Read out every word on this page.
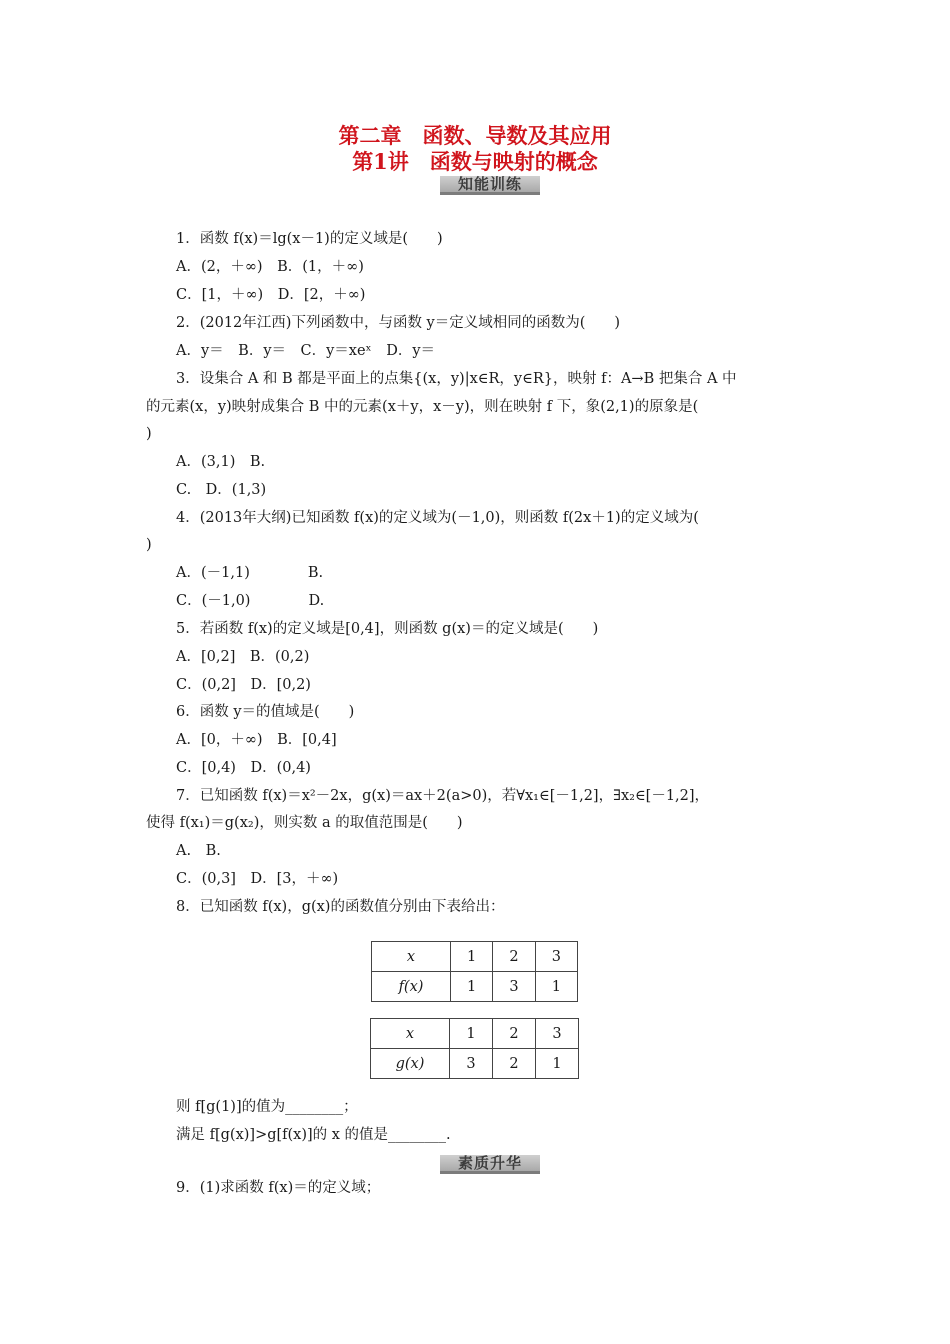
第二章　函数、导数及其应用
第1讲　函数与映射的概念
知能训练
1．函数 f(x)＝lg(x－1)的定义域是(　　)
A．(2，＋∞)　B．(1，＋∞)
C．[1，＋∞)　D．[2，＋∞)
2．(2012年江西)下列函数中，与函数 y＝定义域相同的函数为(　　)
A．y＝　B．y＝　C．y＝xeˣ　D．y＝
3．设集合 A 和 B 都是平面上的点集{(x，y)|x∈R，y∈R}，映射 f：A→B 把集合 A 中
的元素(x，y)映射成集合 B 中的元素(x＋y，x－y)，则在映射 f 下，象(2,1)的原象是(
)
A．(3,1)　B.
C.　D．(1,3)
4．(2013年大纲)已知函数 f(x)的定义域为(－1,0)，则函数 f(2x＋1)的定义域为(
)
A．(－1,1)　　　　B.
C．(－1,0)　　　　D.
5．若函数 f(x)的定义域是[0,4]，则函数 g(x)＝的定义域是(　　)
A．[0,2]　B．(0,2)
C．(0,2]　D．[0,2)
6．函数 y＝的值域是(　　)
A．[0，＋∞)　B．[0,4]
C．[0,4)　D．(0,4)
7．已知函数 f(x)＝x²－2x，g(x)＝ax＋2(a>0)，若∀x₁∈[－1,2]，∃x₂∈[－1,2]，
使得 f(x₁)＝g(x₂)，则实数 a 的取值范围是(　　)
A.　B.
C．(0,3]　D．[3，＋∞)
8．已知函数 f(x)，g(x)的函数值分别由下表给出：
x	1	2	3
f(x)	1	3	1
x	1	2	3
g(x)	3	2	1
则 f[g(1)]的值为________；
满足 f[g(x)]>g[f(x)]的 x 的值是________.
素质升华
9．(1)求函数 f(x)＝的定义域；
